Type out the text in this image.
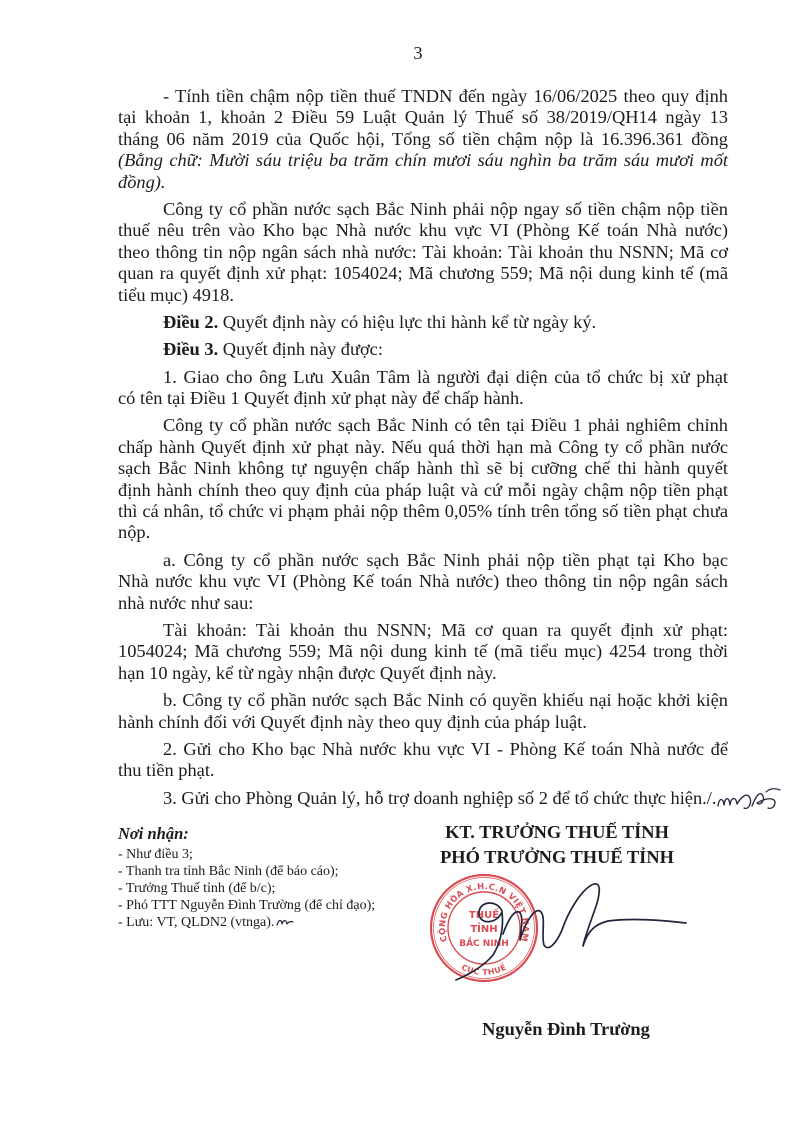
3
- Tính tiền chậm nộp tiền thuế TNDN đến ngày 16/06/2025 theo quy định
tại khoản 1, khoản 2 Điều 59 Luật Quản lý Thuế số 38/2019/QH14 ngày 13
tháng 06 năm 2019 của Quốc hội, Tổng số tiền chậm nộp là 16.396.361 đồng
(Bằng chữ: Mười sáu triệu ba trăm chín mươi sáu nghìn ba trăm sáu mươi mốt
đồng).
Công ty cổ phần nước sạch Bắc Ninh phải nộp ngay số tiền chậm nộp tiền
thuế nêu trên vào Kho bạc Nhà nước khu vực VI (Phòng Kế toán Nhà nước)
theo thông tin nộp ngân sách nhà nước: Tài khoản: Tài khoản thu NSNN; Mã cơ
quan ra quyết định xử phạt: 1054024; Mã chương 559; Mã nội dung kinh tế (mã
tiểu mục) 4918.
Điều 2. Quyết định này có hiệu lực thi hành kể từ ngày ký.
Điều 3. Quyết định này được:
1. Giao cho ông Lưu Xuân Tâm là người đại diện của tổ chức bị xử phạt
có tên tại Điều 1 Quyết định xử phạt này để chấp hành.
Công ty cổ phần nước sạch Bắc Ninh có tên tại Điều 1 phải nghiêm chỉnh
chấp hành Quyết định xử phạt này. Nếu quá thời hạn mà Công ty cổ phần nước
sạch Bắc Ninh không tự nguyện chấp hành thì sẽ bị cưỡng chế thi hành quyết
định hành chính theo quy định của pháp luật và cứ mỗi ngày chậm nộp tiền phạt
thì cá nhân, tổ chức vi phạm phải nộp thêm 0,05% tính trên tổng số tiền phạt chưa
nộp.
a. Công ty cổ phần nước sạch Bắc Ninh phải nộp tiền phạt tại Kho bạc
Nhà nước khu vực VI (Phòng Kế toán Nhà nước) theo thông tin nộp ngân sách
nhà nước như sau:
Tài khoản: Tài khoản thu NSNN; Mã cơ quan ra quyết định xử phạt:
1054024; Mã chương 559; Mã nội dung kinh tế (mã tiểu mục) 4254 trong thời
hạn 10 ngày, kể từ ngày nhận được Quyết định này.
b. Công ty cổ phần nước sạch Bắc Ninh có quyền khiếu nại hoặc khởi kiện
hành chính đối với Quyết định này theo quy định của pháp luật.
2. Gửi cho Kho bạc Nhà nước khu vực VI - Phòng Kế toán Nhà nước để
thu tiền phạt.
3. Gửi cho Phòng Quản lý, hỗ trợ doanh nghiệp số 2 để tổ chức thực hiện./.
Nơi nhận:
- Như điều 3;
- Thanh tra tỉnh Bắc Ninh (để báo cáo);
- Trưởng Thuế tỉnh (để b/c);
- Phó TTT Nguyễn Đình Trường (để chỉ đạo);
- Lưu: VT, QLDN2 (vtnga).
KT. TRƯỞNG THUẾ TỈNH
PHÓ TRƯỞNG THUẾ TỈNH
CỘNG HÒA X.H.C.N VIỆT NAM
CỤC THUẾ
THUẾ
TỈNH
BẮC NINH
Nguyễn Đình Trường
